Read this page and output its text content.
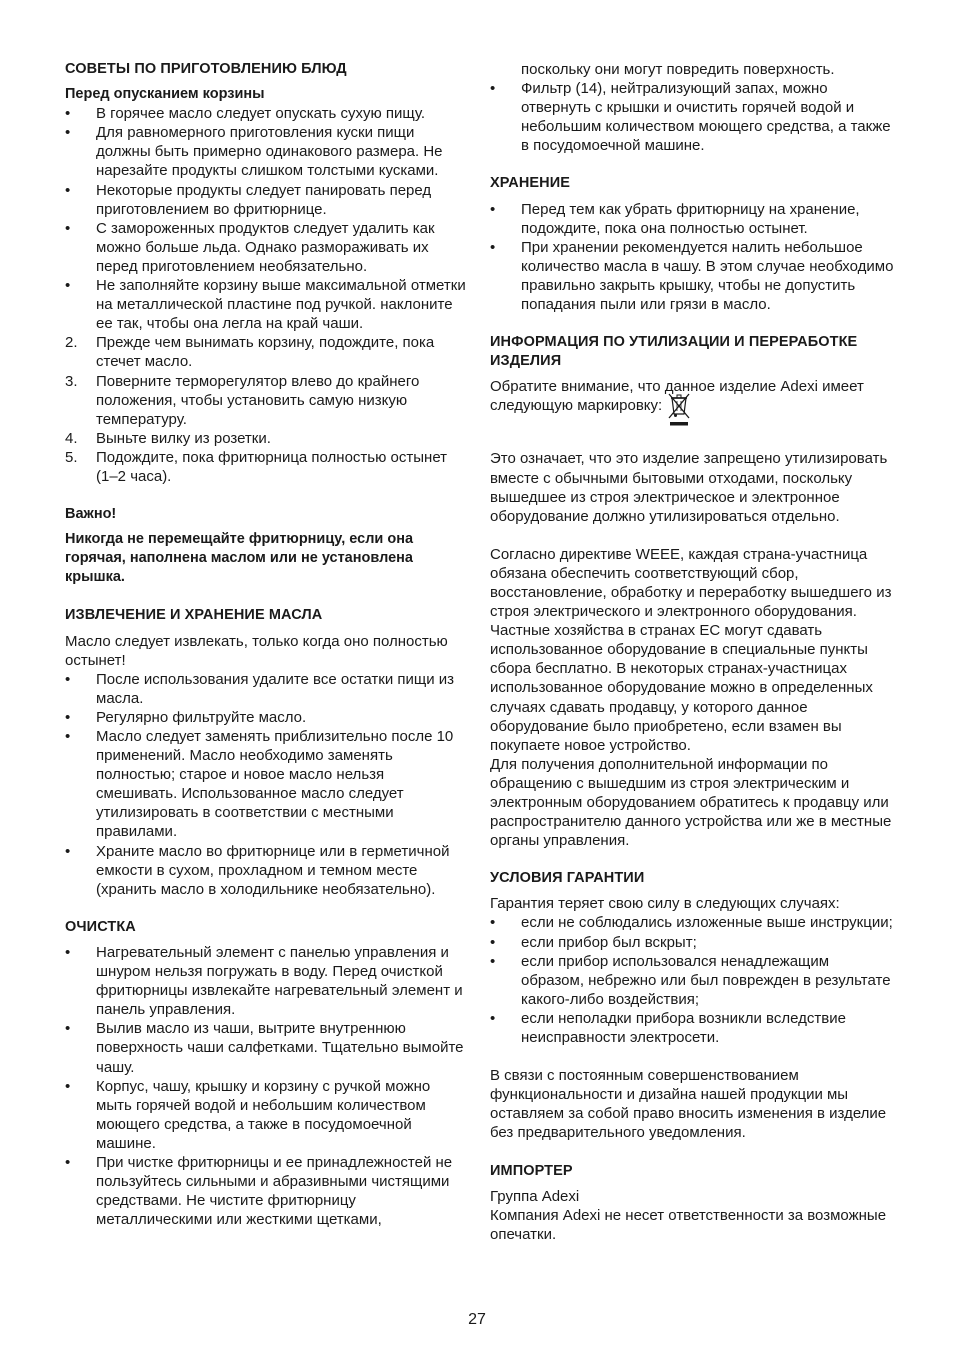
СОВЕТЫ ПО ПРИГОТОВЛЕНИЮ БЛЮД

Перед опусканием корзины

• В горячее масло следует опускать сухую пищу.
• Для равномерного приготовления куски пищи должны быть примерно одинакового размера. Не нарезайте продукты слишком толстыми кусками.
• Некоторые продукты следует панировать перед приготовлением во фритюрнице.
• С замороженных продуктов следует удалить как можно больше льда. Однако размораживать их перед приготовлением необязательно.
• Не заполняйте корзину выше максимальной отметки на металлической пластине под ручкой. наклоните ее так, чтобы она легла на край чаши.
2. Прежде чем вынимать корзину, подождите, пока стечет масло.
3. Поверните терморегулятор влево до крайнего положения, чтобы установить самую низкую температуру.
4. Выньте вилку из розетки.
5. Подождите, пока фритюрница полностью остынет (1–2 часа).

Важно!

Никогда не перемещайте фритюрницу, если она горячая, наполнена маслом или не установлена крышка.

ИЗВЛЕЧЕНИЕ И ХРАНЕНИЕ МАСЛА

Масло следует извлекать, только когда оно полностью остынет!

• После использования удалите все остатки пищи из масла.
• Регулярно фильтруйте масло.
• Масло следует заменять приблизительно после 10 применений. Масло необходимо заменять полностью; старое и новое масло нельзя смешивать. Использованное масло следует утилизировать в соответствии с местными правилами.
• Храните масло во фритюрнице или в герметичной емкости в сухом, прохладном и темном месте (хранить масло в холодильнике необязательно).
ОЧИСТКА
• Нагревательный элемент с панелью управления и шнуром нельзя погружать в воду. Перед очисткой фритюрницы извлекайте нагревательный элемент и панель управления.
• Вылив масло из чаши, вытрите внутреннюю поверхность чаши салфетками. Тщательно вымойте чашу.
• Корпус, чашу, крышку и корзину с ручкой можно мыть горячей водой и небольшим количеством моющего средства, а также в посудомоечной машине.
• При чистке фритюрницы и ее принадлежностей не пользуйтесь сильными и абразивными чистящими средствами. Не чистите фритюрницу металлическими или жесткими щетками,

поскольку они могут повредить поверхность.

• Фильтр (14), нейтрализующий запах, можно отвернуть с крышки и очистить горячей водой и небольшим количеством моющего средства, а также в посудомоечной машине.
ХРАНЕНИЕ
• Перед тем как убрать фритюрницу на хранение, подождите, пока она полностью остынет.
• При хранении рекомендуется налить небольшое количество масла в чашу. В этом случае необходимо правильно закрыть крышку, чтобы не допустить попадания пыли или грязи в масло.
ИНФОРМАЦИЯ ПО УТИЛИЗАЦИИ И ПЕРЕРАБОТКЕ ИЗДЕЛИЯ

Обратите внимание, что данное изделие Adexi имеет

следующую маркировку:

Это означает, что это изделие запрещено утилизировать вместе с обычными бытовыми отходами, поскольку вышедшее из строя электрическое и электронное оборудование должно утилизироваться отдельно.

Согласно директиве WEEE, каждая страна-участница обязана обеспечить соответствующий сбор, восстановление, обработку и переработку вышедшего из строя электрического и электронного оборудования. Частные хозяйства в странах ЕС могут сдавать использованное оборудование в специальные пункты сбора бесплатно. В некоторых странах-участницах использованное оборудование можно в определенных случаях сдавать продавцу, у которого данное оборудование было приобретено, если взамен вы покупаете новое устройство.

Для получения дополнительной информации по обращению с вышедшим из строя электрическим и электронным оборудованием обратитесь к продавцу или распространителю данного устройства или же в местные органы управления.

УСЛОВИЯ ГАРАНТИИ

Гарантия теряет свою силу в следующих случаях:

• если не соблюдались изложенные выше инструкции;
• если прибор был вскрыт;
• если прибор использовался ненадлежащим образом, небрежно или был поврежден в результате какого-либо воздействия;
• если неполадки прибора возникли вследствие неисправности электросети.

В связи с постоянным совершенствованием функциональности и дизайна нашей продукции мы оставляем за собой право вносить изменения в изделие без предварительного уведомления.

ИМПОРТЕР

Группа Adexi

Компания Adexi не несет ответственности за возможные опечатки.

27
